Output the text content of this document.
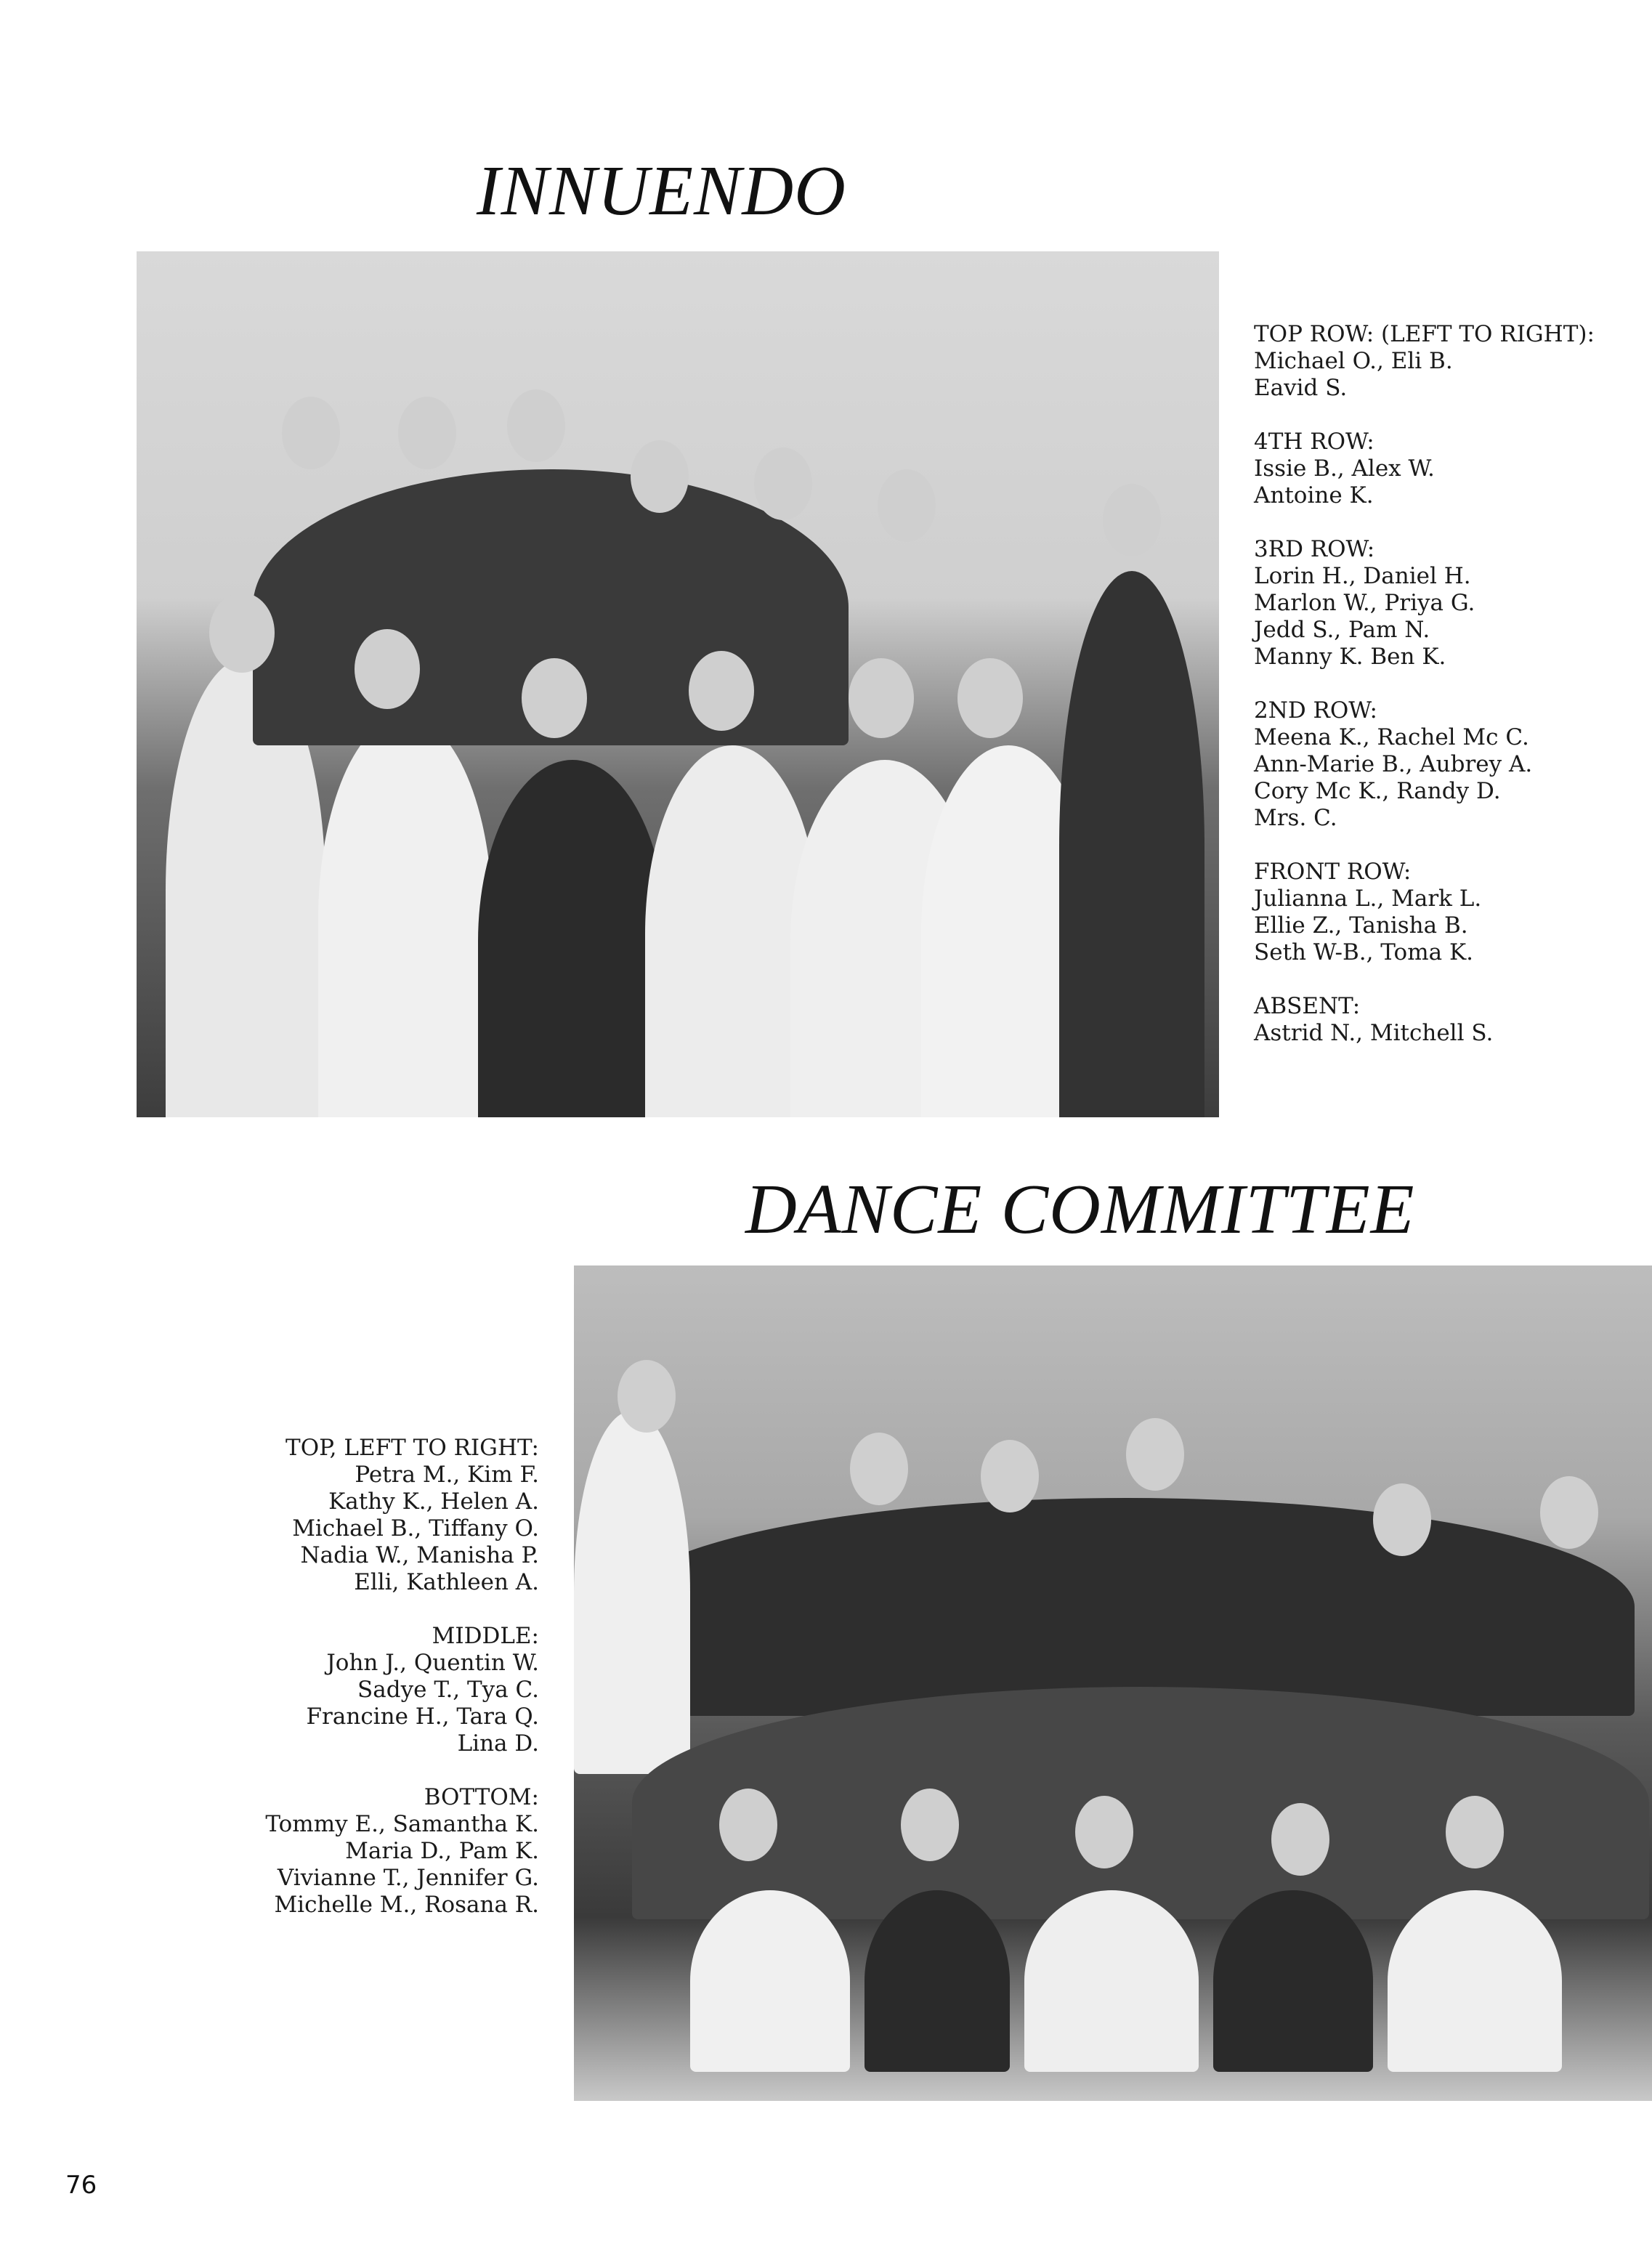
INNUENDO
TOP ROW: (LEFT TO RIGHT):
Michael O., Eli B.
Eavid S.
4TH ROW:
Issie B., Alex W.
Antoine K.
3RD ROW:
Lorin H., Daniel H.
Marlon W., Priya G.
Jedd S., Pam N.
Manny K. Ben K.
2ND ROW:
Meena K., Rachel Mc C.
Ann-Marie B., Aubrey A.
Cory Mc K., Randy D.
Mrs. C.
FRONT ROW:
Julianna L., Mark L.
Ellie Z., Tanisha B.
Seth W-B., Toma K.
ABSENT:
Astrid N., Mitchell S.
DANCE COMMITTEE
TOP, LEFT TO RIGHT:
Petra M., Kim F.
Kathy K., Helen A.
Michael B., Tiffany O.
Nadia W., Manisha P.
Elli, Kathleen A.
MIDDLE:
John J., Quentin W.
Sadye T., Tya C.
Francine H., Tara Q.
Lina D.
BOTTOM:
Tommy E., Samantha K.
Maria D., Pam K.
Vivianne T., Jennifer G.
Michelle M., Rosana R.
76
